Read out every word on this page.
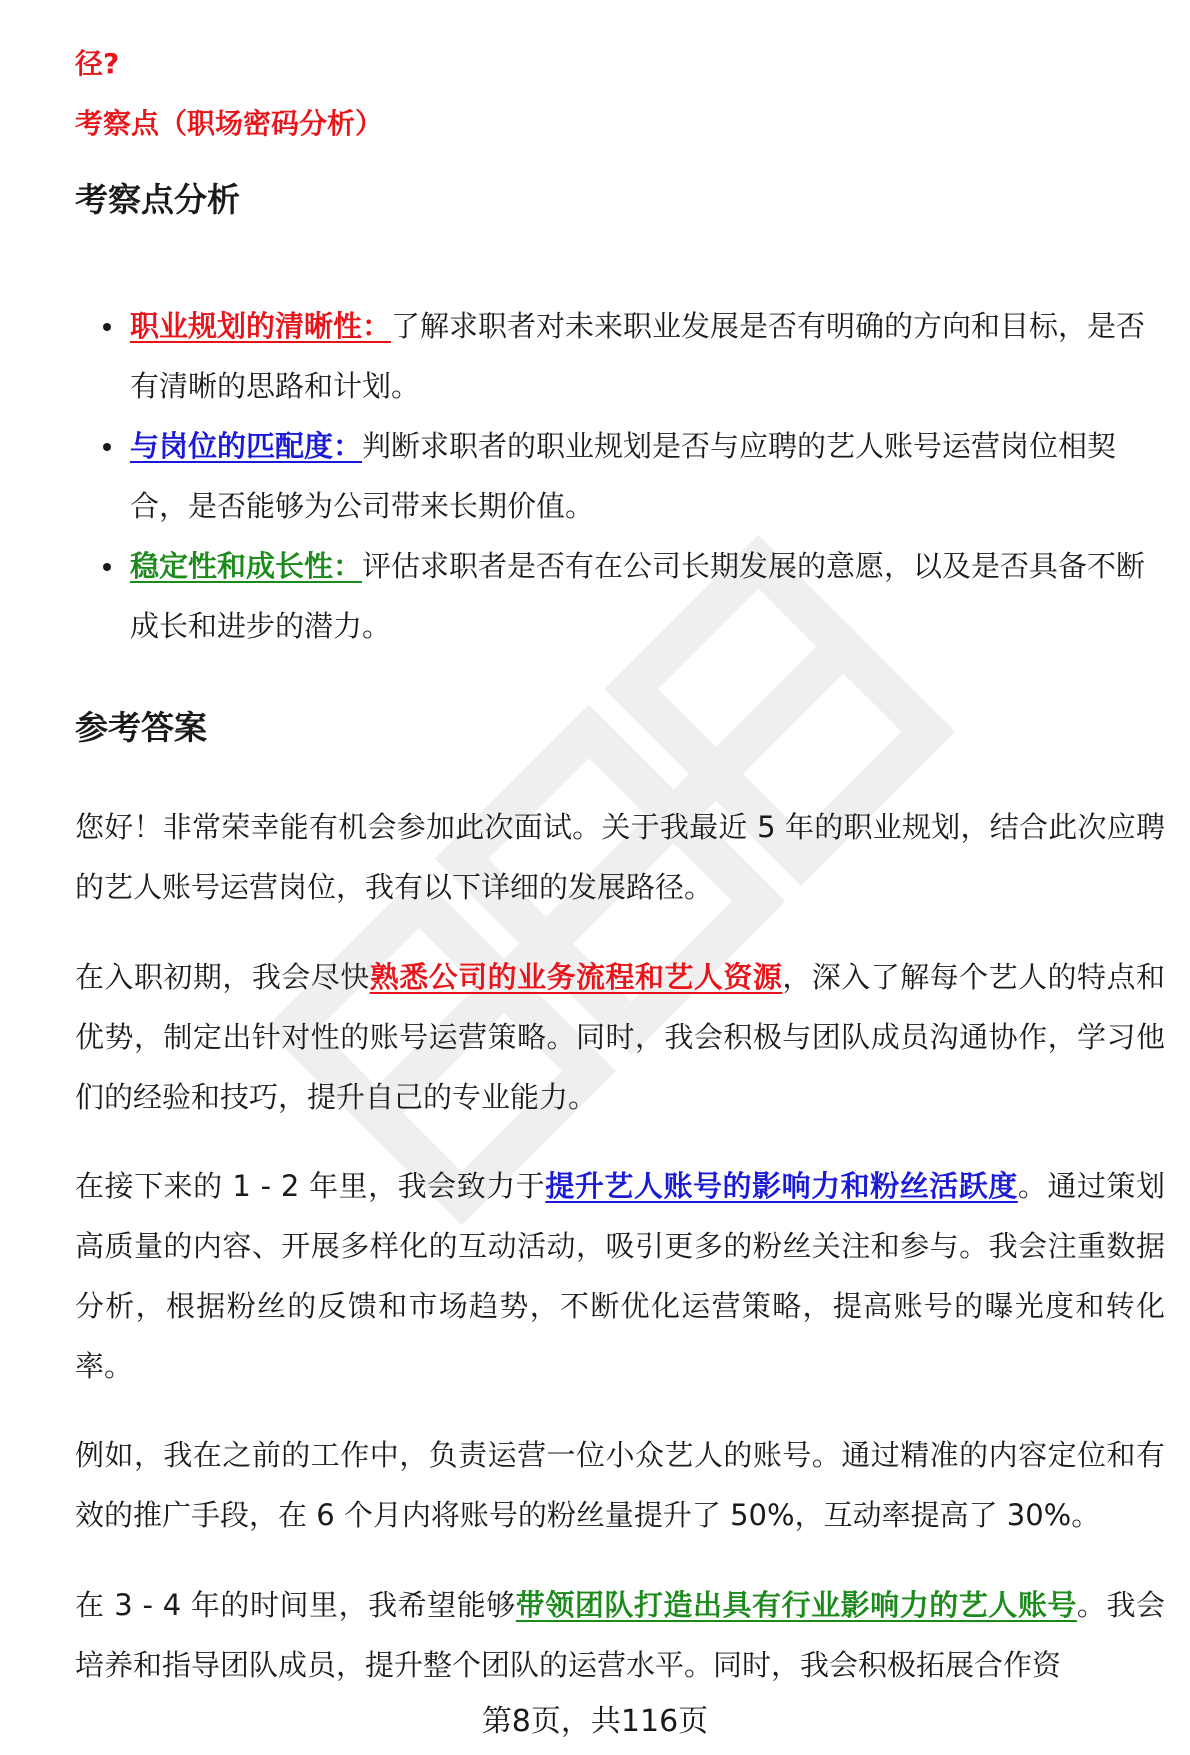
径?

考察点（职场密码分析）

考察点分析
职业规划的清晰性：了解求职者对未来职业发展是否有明确的方向和目标，是否有清晰的思路和计划。
与岗位的匹配度：判断求职者的职业规划是否与应聘的艺人账号运营岗位相契合，是否能够为公司带来长期价值。
稳定性和成长性：评估求职者是否有在公司长期发展的意愿，以及是否具备不断成长和进步的潜力。
参考答案

您好！非常荣幸能有机会参加此次面试。关于我最近 5 年的职业规划，结合此次应聘的艺人账号运营岗位，我有以下详细的发展路径。

在入职初期，我会尽快熟悉公司的业务流程和艺人资源，深入了解每个艺人的特点和优势，制定出针对性的账号运营策略。同时，我会积极与团队成员沟通协作，学习他们的经验和技巧，提升自己的专业能力。

在接下来的 1 - 2 年里，我会致力于提升艺人账号的影响力和粉丝活跃度。通过策划高质量的内容、开展多样化的互动活动，吸引更多的粉丝关注和参与。我会注重数据分析，根据粉丝的反馈和市场趋势，不断优化运营策略，提高账号的曝光度和转化率。

例如，我在之前的工作中，负责运营一位小众艺人的账号。通过精准的内容定位和有效的推广手段，在 6 个月内将账号的粉丝量提升了 50%，互动率提高了 30%。

在 3 - 4 年的时间里，我希望能够带领团队打造出具有行业影响力的艺人账号。我会培养和指导团队成员，提升整个团队的运营水平。同时，我会积极拓展合作资

第8页，共116页
